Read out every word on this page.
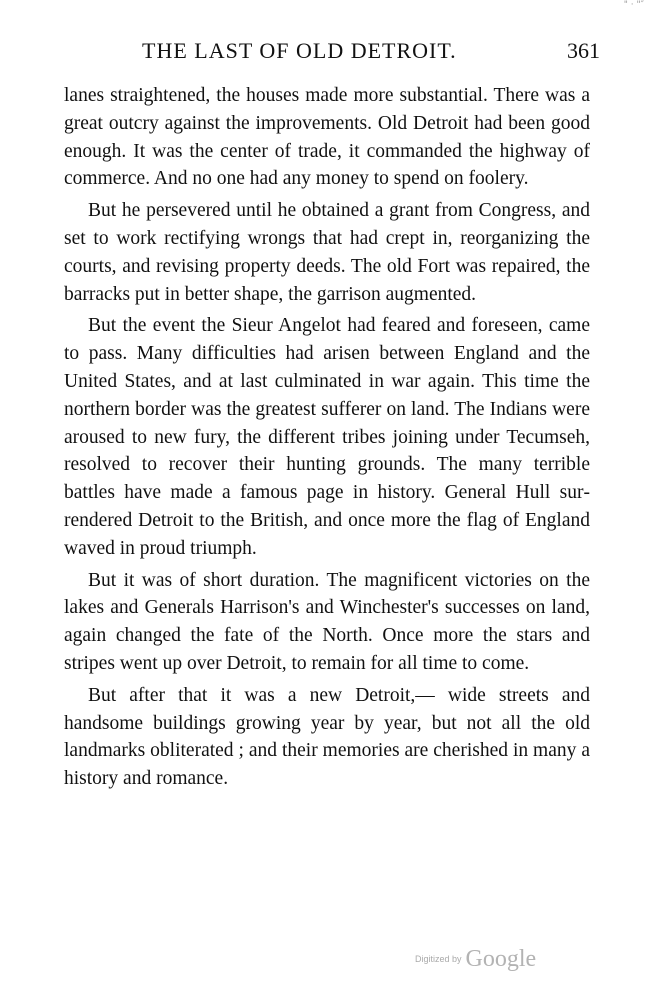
" · "″
THE LAST OF OLD DETROIT.	361

lanes straightened, the houses made more substantial. There was a great outcry against the improvements. Old Detroit had been good enough. It was the center of trade, it commanded the highway of commerce. And no one had any money to spend on foolery.

But he persevered until he obtained a grant from Congress, and set to work rectifying wrongs that had crept in, reorganizing the courts, and revising property deeds. The old Fort was repaired, the barracks put in better shape, the garrison augmented.

But the event the Sieur Angelot had feared and foreseen, came to pass. Many difficulties had arisen between England and the United States, and at last culminated in war again. This time the northern border was the greatest sufferer on land. The Indians were aroused to new fury, the different tribes joining under Tecumseh, resolved to recover their hunting grounds. The many terrible battles have made a famous page in history. General Hull surrendered Detroit to the British, and once more the flag of England waved in proud triumph.

But it was of short duration. The magnificent victories on the lakes and Generals Harrison's and Winchester's successes on land, again changed the fate of the North. Once more the stars and stripes went up over Detroit, to remain for all time to come.

But after that it was a new Detroit,— wide streets and handsome buildings growing year by year, but not all the old landmarks obliterated ; and their memories are cherished in many a history and romance.

$^{Digitized by}$ Google
